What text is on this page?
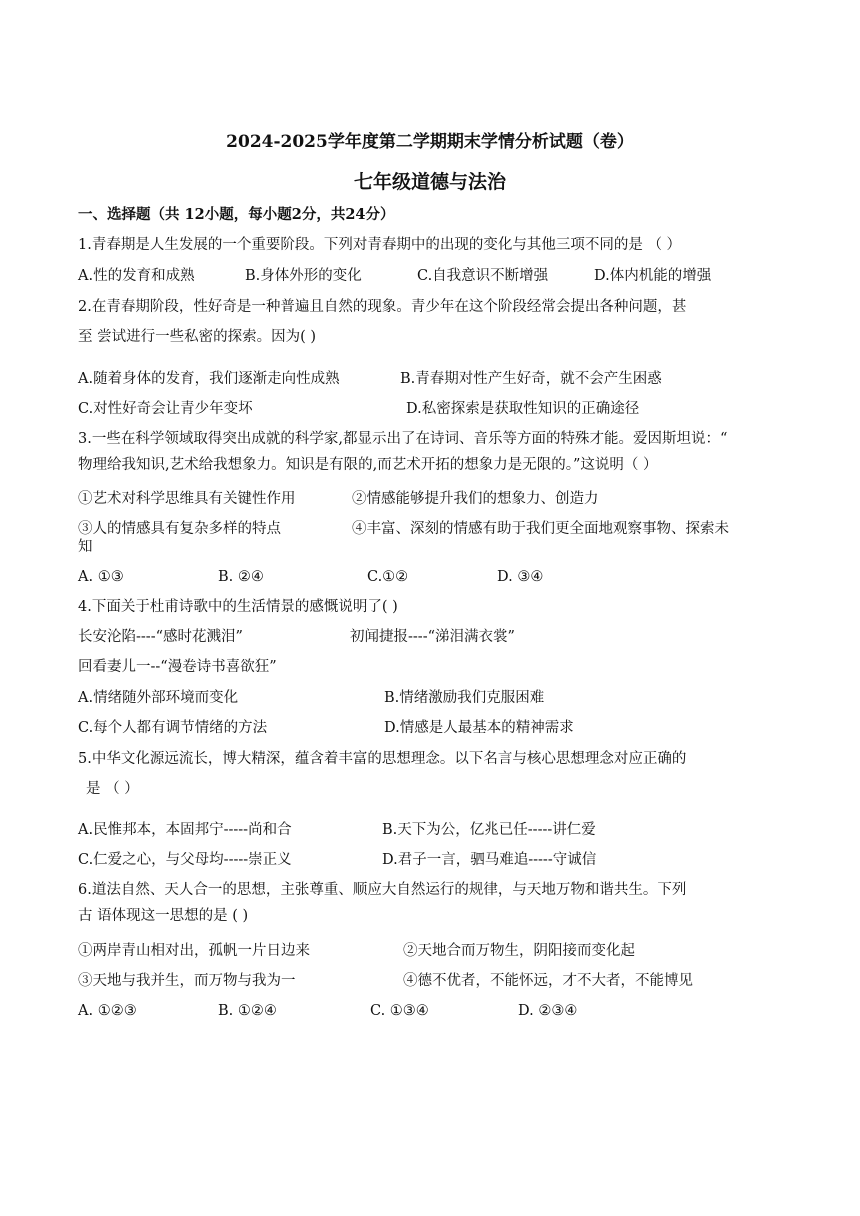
2024-2025学年度第二学期期末学情分析试题（卷）
七年级道德与法治
一、选择题（共 12小题，每小题2分，共24分）
1.青春期是人生发展的一个重要阶段。下列对青春期中的出现的变化与其他三项不同的是 （ ）
A.性的发育和成熟	B.身体外形的变化	C.自我意识不断增强	D.体内机能的增强
2.在青春期阶段，性好奇是一种普遍且自然的现象。青少年在这个阶段经常会提出各种问题，甚
至 尝试进行一些私密的探索。因为( )
A.随着身体的发育，我们逐渐走向性成熟	B.青春期对性产生好奇，就不会产生困惑
C.对性好奇会让青少年变坏	D.私密探索是获取性知识的正确途径
3.一些在科学领域取得突出成就的科学家,都显示出了在诗词、音乐等方面的特殊才能。爱因斯坦说：“
物理给我知识,艺术给我想象力。知识是有限的,而艺术开拓的想象力是无限的。”这说明（ ）
①艺术对科学思维具有关键性作用	②情感能够提升我们的想象力、创造力
③人的情感具有复杂多样的特点	④丰富、深刻的情感有助于我们更全面地观察事物、探索未
知
A. ①③	B. ②④	C.①②	D. ③④
4.下面关于杜甫诗歌中的生活情景的感慨说明了( )
长安沦陷----“感时花溅泪”	初闻捷报----“涕泪满衣裳”
回看妻儿一--“漫卷诗书喜欲狂”
A.情绪随外部环境而变化	B.情绪激励我们克服困难
C.每个人都有调节情绪的方法	D.情感是人最基本的精神需求
5.中华文化源远流长，博大精深，蕴含着丰富的思想理念。以下名言与核心思想理念对应正确的
是 （ ）
A.民惟邦本，本固邦宁-----尚和合	B.天下为公，亿兆已任-----讲仁爱
C.仁爱之心，与父母均-----崇正义	D.君子一言，驷马难追-----守诚信
6.道法自然、天人合一的思想，主张尊重、顺应大自然运行的规律，与天地万物和谐共生。下列
古 语体现这一思想的是 ( )
①两岸青山相对出，孤帆一片日边来	②天地合而万物生，阴阳接而变化起
③天地与我并生，而万物与我为一	④德不优者，不能怀远，才不大者，不能博见
A. ①②③	B. ①②④	C. ①③④	D. ②③④
